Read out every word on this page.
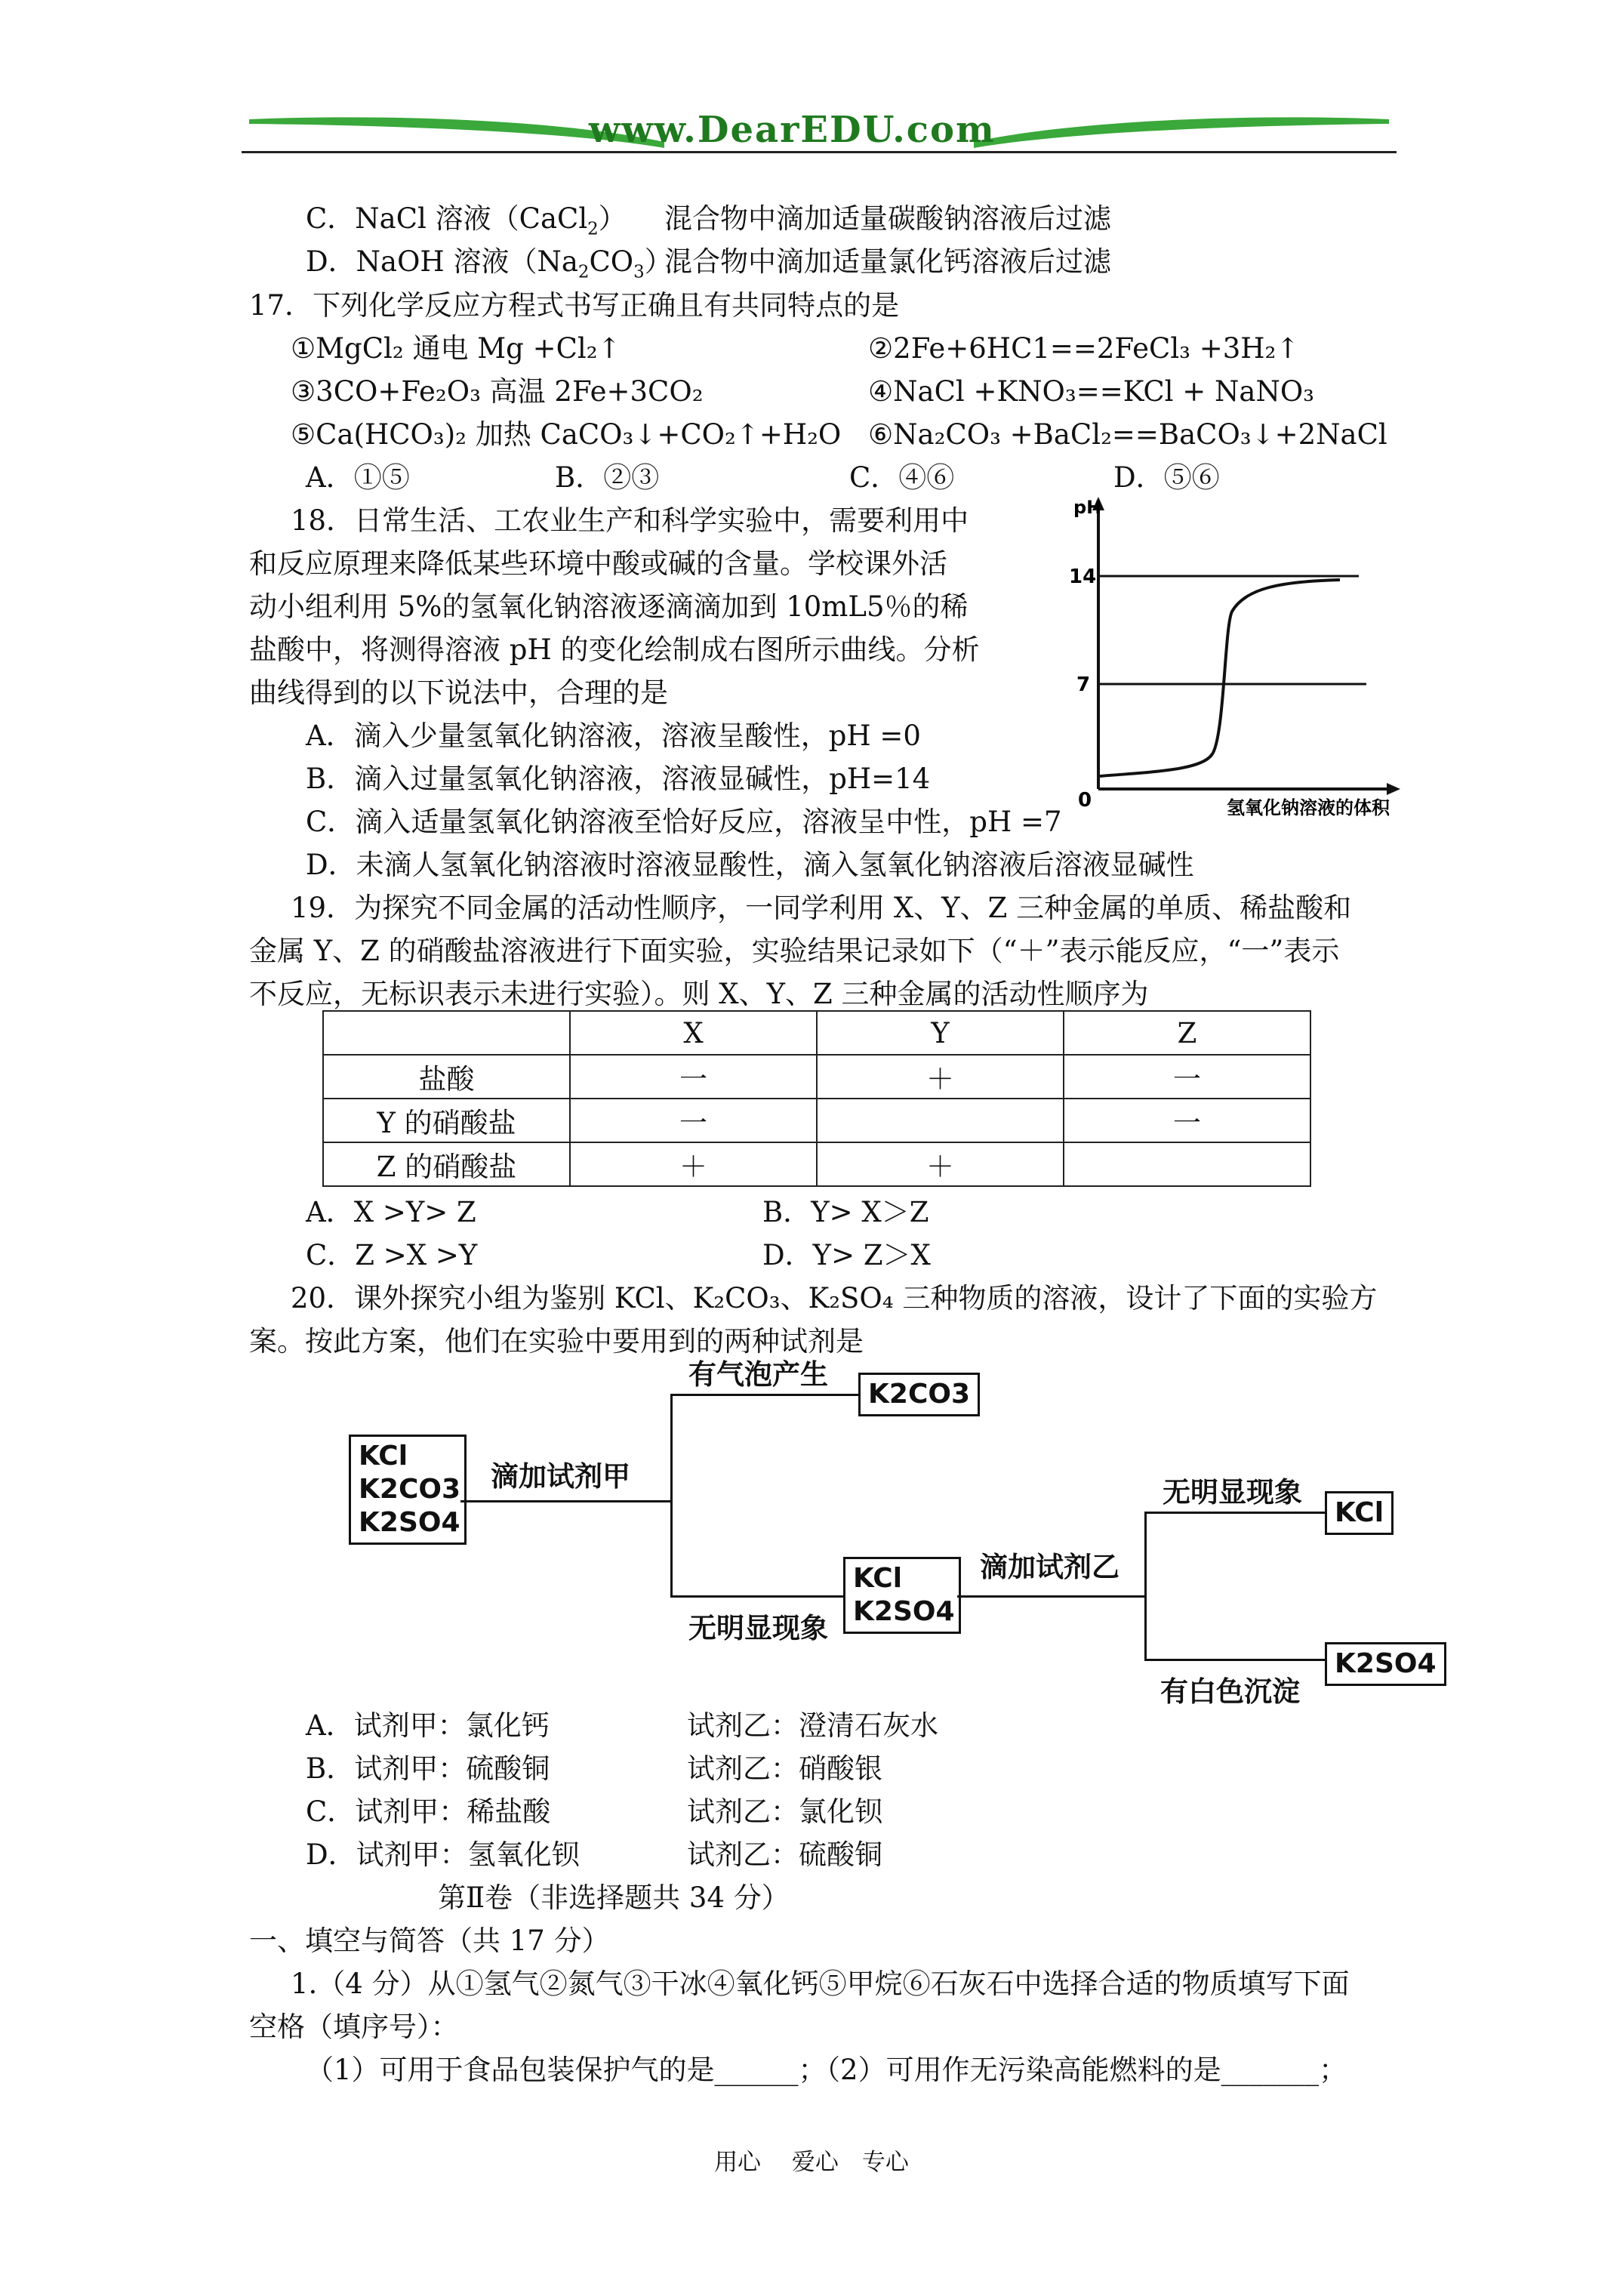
www.DearEDU.com
C．NaCl 溶液（CaCl$_2$） 混合物中滴加适量碳酸钠溶液后过滤
D．NaOH 溶液$(Na_2CO_3)$
混合物中滴加适量氯化钙溶液后过滤
17．下列化学反应方程式书写正确且有共同特点的是
①MgCl₂ 通电 Mg +Cl₂↑	②2Fe+6HC1==2FeCl₃ +3H₂↑
③3CO+Fe₂O₃ 高温 2Fe+3CO₂	④NaCl +KNO₃==KCl + NaNO₃
⑤Ca(HCO₃)₂ 加热 CaCO₃↓+CO₂↑+H₂O ⑥Na₂CO₃ +BaCl₂==BaCO₃↓+2NaCl
A．①⑤	B．②③	C．④⑥	D．⑤⑥
18．日常生活、工农业生产和科学实验中，需要利用中
和反应原理来降低某些环境中酸或碱的含量。学校课外活
动小组利用 5%的氢氧化钠溶液逐滴滴加到 10mL5％的稀
盐酸中，将测得溶液 pH 的变化绘制成右图所示曲线。分析
曲线得到的以下说法中，合理的是
A．滴入少量氢氧化钠溶液，溶液呈酸性，pH =0
B．滴入过量氢氧化钠溶液，溶液显碱性，pH=14
C．滴入适量氢氧化钠溶液至恰好反应，溶液呈中性，pH =7
D．未滴人氢氧化钠溶液时溶液显酸性，滴入氢氧化钠溶液后溶液显碱性
pH
14
7
0	氢氧化钠溶液的体积
19．为探究不同金属的活动性顺序，一同学利用 X、Y、Z 三种金属的单质、稀盐酸和
金属 Y、Z 的硝酸盐溶液进行下面实验，实验结果记录如下（“＋”表示能反应，“一”表示
不反应，无标识表示未进行实验）。则 X、Y、Z 三种金属的活动性顺序为
	X	Y	Z
盐酸	一	＋	一
Y 的硝酸盐	一		一
Z 的硝酸盐	＋	＋	
A．X >Y> Z	B．Y> X＞Z
C．Z >X >Y	D．Y> Z＞X
20．课外探究小组为鉴别 KCl、K₂CO₃、K₂SO₄ 三种物质的溶液，设计了下面的实验方
案。按此方案，他们在实验中要用到的两种试剂是
KCl
K2CO3
K2SO4
滴加试剂甲
有气泡产生
K2CO3
无明显现象
KCl
K2SO4
滴加试剂乙
无明显现象
KCl
有白色沉淀
K2SO4
A．试剂甲：氯化钙	试剂乙：澄清石灰水
B．试剂甲：硫酸铜	试剂乙：硝酸银
C．试剂甲：稀盐酸	试剂乙：氯化钡
D．试剂甲：氢氧化钡	试剂乙：硫酸铜
第Ⅱ卷（非选择题共 34 分）
一、填空与简答（共 17 分）
1.（4 分）从①氢气②氮气③干冰④氧化钙⑤甲烷⑥石灰石中选择合适的物质填写下面
空格（填序号）：
（1）可用于食品包装保护气的是______；（2）可用作无污染高能燃料的是_______；
用心　 爱心　专心
